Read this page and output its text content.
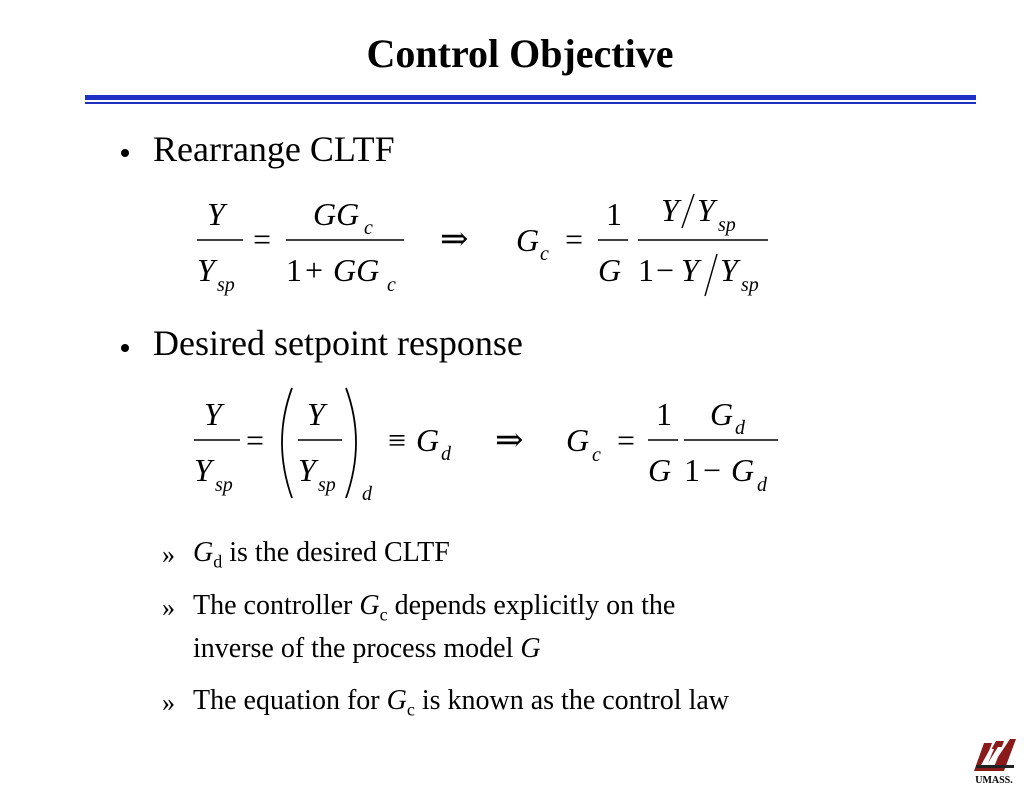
Control Objective
Rearrange CLTF
Y
Y sp
=
GG c
1 + GG c
⇒ G c =
1
G
Y Y sp
1 − Y Y sp
Y
Y sp
=
Y
Y sp d
≡ G d ⇒ G c =
1
G
G d
1 − G d
Desired setpoint response
» $G_d$ is the desired CLTF
» The controller $G_c$ depends explicitly on the
inverse of the process model G
» The equation for $G_c$ is known as the control law
UMASS.
